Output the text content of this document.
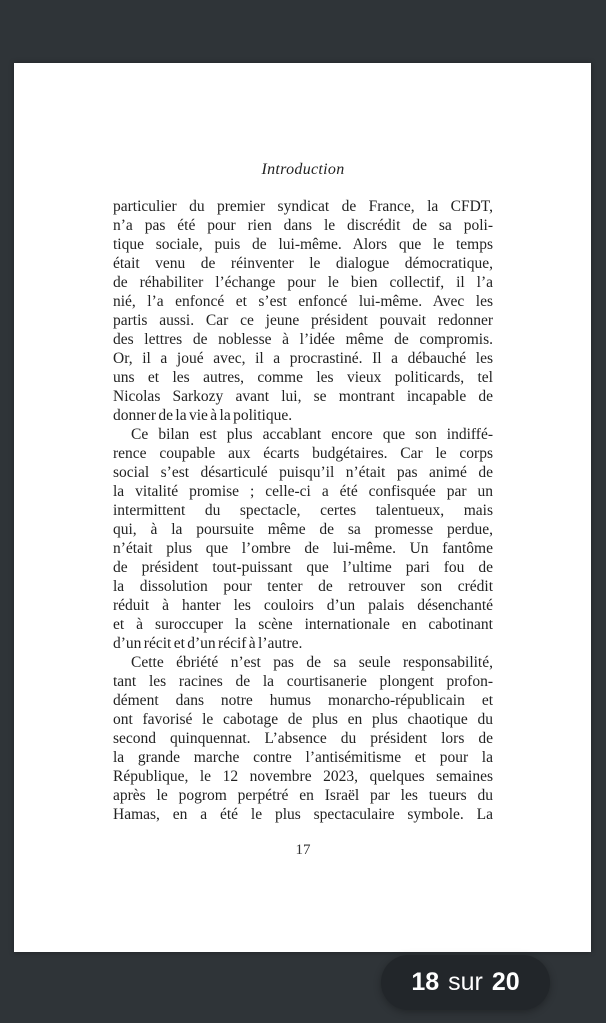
Introduction
particulier du premier syndicat de France, la CFDT,
n’a pas été pour rien dans le discrédit de sa poli-
tique sociale, puis de lui-même. Alors que le temps
était venu de réinventer le dialogue démocratique,
de réhabiliter l’échange pour le bien collectif, il l’a
nié, l’a enfoncé et s’est enfoncé lui-même. Avec les
partis aussi. Car ce jeune président pouvait redonner
des lettres de noblesse à l’idée même de compromis.
Or, il a joué avec, il a procrastiné. Il a débauché les
uns et les autres, comme les vieux politicards, tel
Nicolas Sarkozy avant lui, se montrant incapable de
donner de la vie à la politique.
Ce bilan est plus accablant encore que son indiffé-
rence coupable aux écarts budgétaires. Car le corps
social s’est désarticulé puisqu’il n’était pas animé de
la vitalité promise ; celle-ci a été confisquée par un
intermittent du spectacle, certes talentueux, mais
qui, à la poursuite même de sa promesse perdue,
n’était plus que l’ombre de lui-même. Un fantôme
de président tout-puissant que l’ultime pari fou de
la dissolution pour tenter de retrouver son crédit
réduit à hanter les couloirs d’un palais désenchanté
et à suroccuper la scène internationale en cabotinant
d’un récit et d’un récif à l’autre.
Cette ébriété n’est pas de sa seule responsabilité,
tant les racines de la courtisanerie plongent profon-
dément dans notre humus monarcho-républicain et
ont favorisé le cabotage de plus en plus chaotique du
second quinquennat. L’absence du président lors de
la grande marche contre l’antisémitisme et pour la
République, le 12 novembre 2023, quelques semaines
après le pogrom perpétré en Israël par les tueurs du
Hamas, en a été le plus spectaculaire symbole. La
17
18 sur 20
